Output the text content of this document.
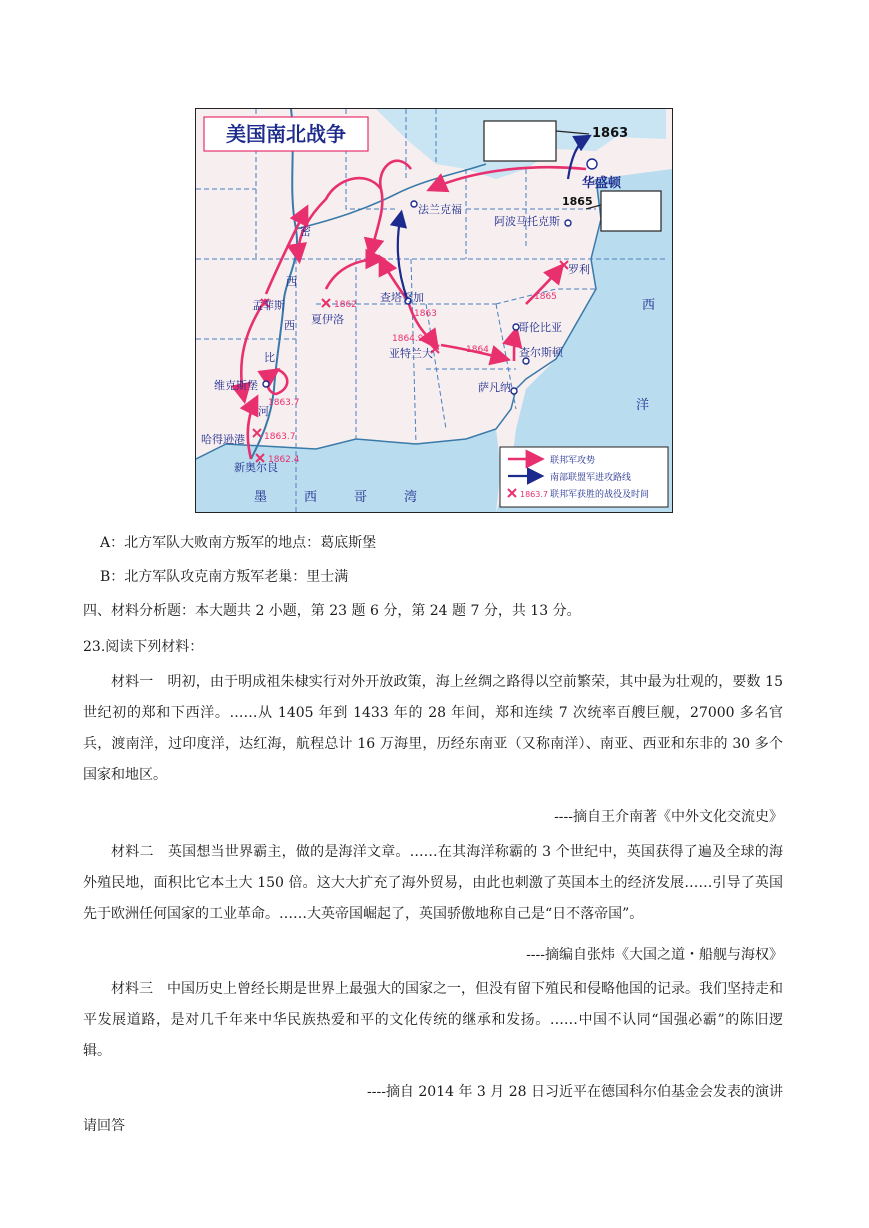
美国南北战争
华盛顿
法兰克福
阿波马托克斯
罗利
孟菲斯
夏伊洛
查塔努加
亚特兰大
哥伦比亚
查尔斯顿
萨凡纳
维克斯堡
哈得逊港
新奥尔良
1863
1865
1862
1863
1864.9
1864
1865
1863.7
1863.7
1862.4
密
西
西
比
河
墨	西	哥	湾
西
洋
联邦军攻势
南部联盟军进攻路线
1863.7 联邦军获胜的战役及时间
A：北方军队大败南方叛军的地点：葛底斯堡
B：北方军队攻克南方叛军老巢：里士满
四、材料分析题：本大题共 2 小题，第 23 题 6 分，第 24 题 7 分，共 13 分。
23.阅读下列材料：
材料一　明初，由于明成祖朱棣实行对外开放政策，海上丝绸之路得以空前繁荣，其中最为壮观的，要数 15 世纪初的郑和下西洋。……从 1405 年到 1433 年的 28 年间，郑和连续 7 次统率百艘巨舰，27000 多名官兵，渡南洋，过印度洋，达红海，航程总计 16 万海里，历经东南亚（又称南洋）、南亚、西亚和东非的 30 多个国家和地区。
----摘自王介南著《中外文化交流史》
材料二　英国想当世界霸主，做的是海洋文章。……在其海洋称霸的 3 个世纪中，英国获得了遍及全球的海外殖民地，面积比它本土大 150 倍。这大大扩充了海外贸易，由此也刺激了英国本土的经济发展……引导了英国先于欧洲任何国家的工业革命。……大英帝国崛起了，英国骄傲地称自己是“日不落帝国”。
----摘编自张炜《大国之道・船舰与海权》
材料三　中国历史上曾经长期是世界上最强大的国家之一，但没有留下殖民和侵略他国的记录。我们坚持走和平发展道路，是对几千年来中华民族热爱和平的文化传统的继承和发扬。……中国不认同“国强必霸”的陈旧逻辑。
----摘自 2014 年 3 月 28 日习近平在德国科尔伯基金会发表的演讲
请回答
